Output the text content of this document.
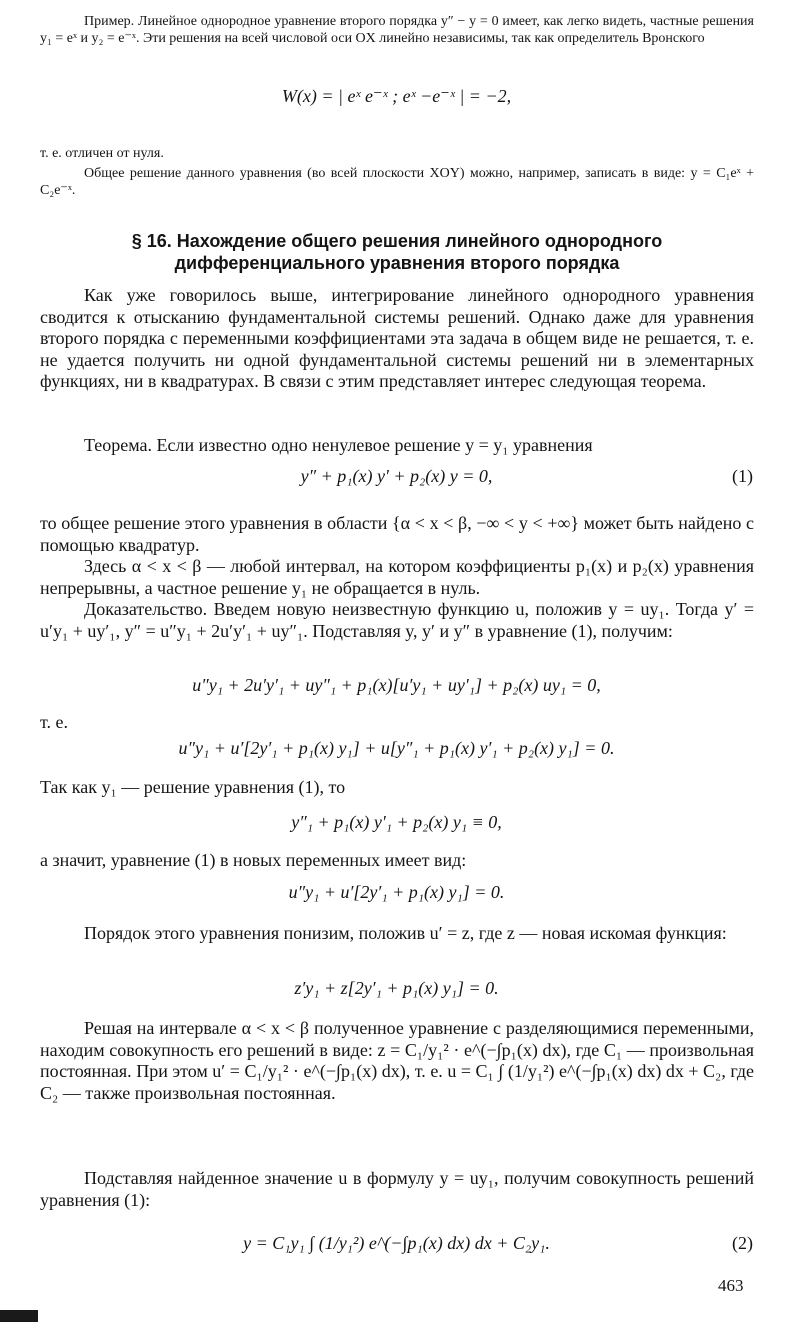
Пример. Линейное однородное уравнение второго порядка y″ − y = 0 имеет, как легко видеть, частные решения y₁ = eˣ и y₂ = e⁻ˣ. Эти решения на всей числовой оси OX линейно независимы, так как определитель Вронского

W(x) = | eˣ e⁻ˣ ; eˣ −e⁻ˣ | = −2,

т. е. отличен от нуля.

Общее решение данного уравнения (во всей плоскости XOY) можно, например, записать в виде: y = C₁eˣ + C₂e⁻ˣ.

§ 16. Нахождение общего решения линейного однородного

дифференциального уравнения второго порядка

Как уже говорилось выше, интегрирование линейного однородного уравнения сводится к отысканию фундаментальной системы решений. Однако даже для уравнения второго порядка с переменными коэффициентами эта задача в общем виде не решается, т. е. не удается получить ни одной фундаментальной системы решений ни в элементарных функциях, ни в квадратурах. В связи с этим представляет интерес следующая теорема.

Теорема. Если известно одно ненулевое решение y = y₁ уравнения

y″ + p₁(x) y′ + p₂(x) y = 0,	(1)

то общее решение этого уравнения в области {α < x < β, −∞ < y < +∞} может быть найдено с помощью квадратур.

Здесь α < x < β — любой интервал, на котором коэффициенты p₁(x) и p₂(x) уравнения непрерывны, а частное решение y₁ не обращается в нуль.

Доказательство. Введем новую неизвестную функцию u, положив y = uy₁. Тогда y′ = u′y₁ + uy′₁, y″ = u″y₁ + 2u′y′₁ + uy″₁. Подставляя y, y′ и y″ в уравнение (1), получим:

u″y₁ + 2u′y′₁ + uy″₁ + p₁(x)[u′y₁ + uy′₁] + p₂(x) uy₁ = 0,

т. е.

u″y₁ + u′[2y′₁ + p₁(x) y₁] + u[y″₁ + p₁(x) y′₁ + p₂(x) y₁] = 0.

Так как y₁ — решение уравнения (1), то

y″₁ + p₁(x) y′₁ + p₂(x) y₁ ≡ 0,

а значит, уравнение (1) в новых переменных имеет вид:

u″y₁ + u′[2y′₁ + p₁(x) y₁] = 0.

Порядок этого уравнения понизим, положив u′ = z, где z — новая искомая функция:

z′y₁ + z[2y′₁ + p₁(x) y₁] = 0.

Решая на интервале α < x < β полученное уравнение с разделяющимися переменными, находим совокупность его решений в виде: z = C₁/y₁² · e^(−∫p₁(x) dx), где C₁ — произвольная постоянная. При этом u′ = C₁/y₁² · e^(−∫p₁(x) dx), т. е. u = C₁ ∫ (1/y₁²) e^(−∫p₁(x) dx) dx + C₂, где C₂ — также произвольная постоянная.

Подставляя найденное значение u в формулу y = uy₁, получим совокупность решений уравнения (1):

y = C₁y₁ ∫ (1/y₁²) e^(−∫p₁(x) dx) dx + C₂y₁.	(2)
463
